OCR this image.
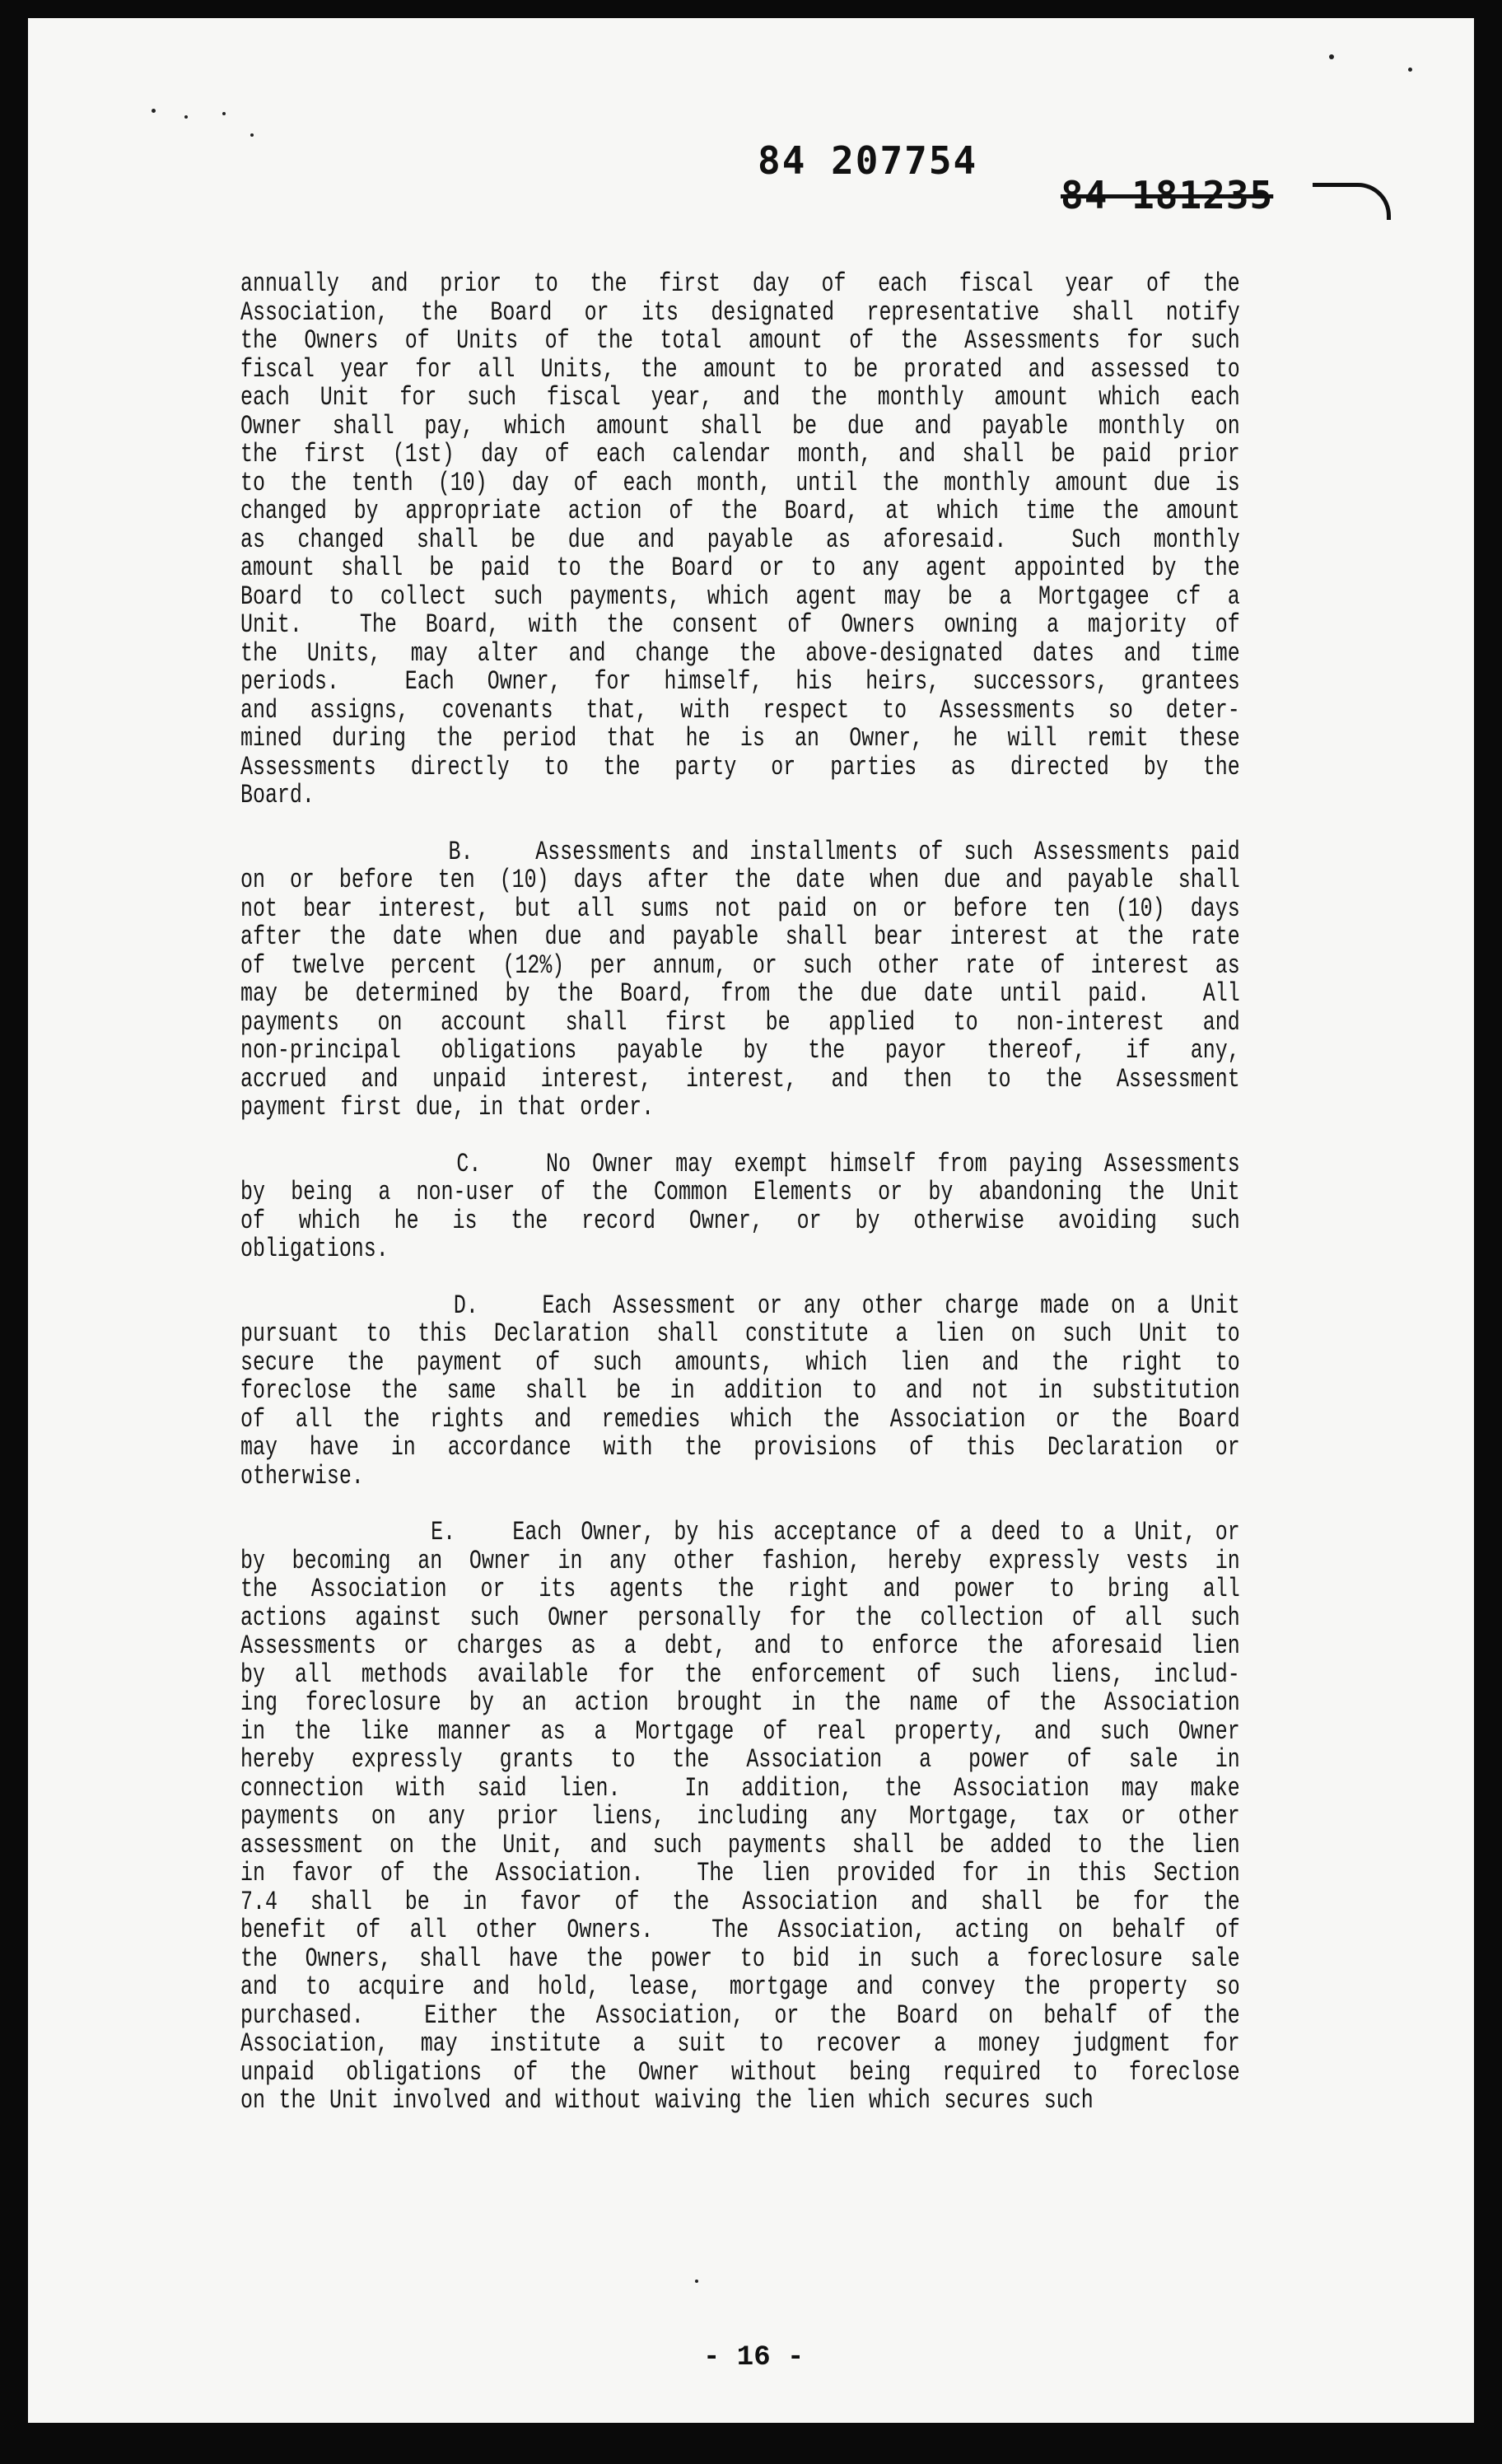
84 207754
84 181235
annually and prior to the first day of each fiscal year of the
Association, the Board or its designated representative shall notify
the Owners of Units of the total amount of the Assessments for such
fiscal year for all Units, the amount to be prorated and assessed to
each Unit for such fiscal year, and the monthly amount which each
Owner shall pay, which amount shall be due and payable monthly on
the first (1st) day of each calendar month, and shall be paid prior
to the tenth (10) day of each month, until the monthly amount due is
changed by appropriate action of the Board, at which time the amount
as changed shall be due and payable as aforesaid.  Such monthly
amount shall be paid to the Board or to any agent appointed by the
Board to collect such payments, which agent may be a Mortgagee cf a
Unit.  The Board, with the consent of Owners owning a majority of
the Units, may alter and change the above-designated dates and time
periods.  Each Owner, for himself, his heirs, successors, grantees
and assigns, covenants that, with respect to Assessments so deter-
mined during the period that he is an Owner, he will remit these
Assessments directly to the party or parties as directed by the
Board.
B.   Assessments and installments of such Assessments paid
on or before ten (10) days after the date when due and payable shall
not bear interest, but all sums not paid on or before ten (10) days
after the date when due and payable shall bear interest at the rate
of twelve percent (12%) per annum, or such other rate of interest as
may be determined by the Board, from the due date until paid.  All
payments on account shall first be applied to non-interest and
non-principal obligations payable by the payor thereof, if any,
accrued and unpaid interest, interest, and then to the Assessment
payment first due, in that order.
C.   No Owner may exempt himself from paying Assessments
by being a non-user of the Common Elements or by abandoning the Unit
of which he is the record Owner, or by otherwise avoiding such
obligations.
D.   Each Assessment or any other charge made on a Unit
pursuant to this Declaration shall constitute a lien on such Unit to
secure the payment of such amounts, which lien and the right to
foreclose the same shall be in addition to and not in substitution
of all the rights and remedies which the Association or the Board
may have in accordance with the provisions of this Declaration or
otherwise.
E.   Each Owner, by his acceptance of a deed to a Unit, or
by becoming an Owner in any other fashion, hereby expressly vests in
the Association or its agents the right and power to bring all
actions against such Owner personally for the collection of all such
Assessments or charges as a debt, and to enforce the aforesaid lien
by all methods available for the enforcement of such liens, includ-
ing foreclosure by an action brought in the name of the Association
in the like manner as a Mortgage of real property, and such Owner
hereby expressly grants to the Association a power of sale in
connection with said lien.  In addition, the Association may make
payments on any prior liens, including any Mortgage, tax or other
assessment on the Unit, and such payments shall be added to the lien
in favor of the Association.  The lien provided for in this Section
7.4 shall be in favor of the Association and shall be for the
benefit of all other Owners.  The Association, acting on behalf of
the Owners, shall have the power to bid in such a foreclosure sale
and to acquire and hold, lease, mortgage and convey the property so
purchased.  Either the Association, or the Board on behalf of the
Association, may institute a suit to recover a money judgment for
unpaid obligations of the Owner without being required to foreclose
on the Unit involved and without waiving the lien which secures such
- 16 -
